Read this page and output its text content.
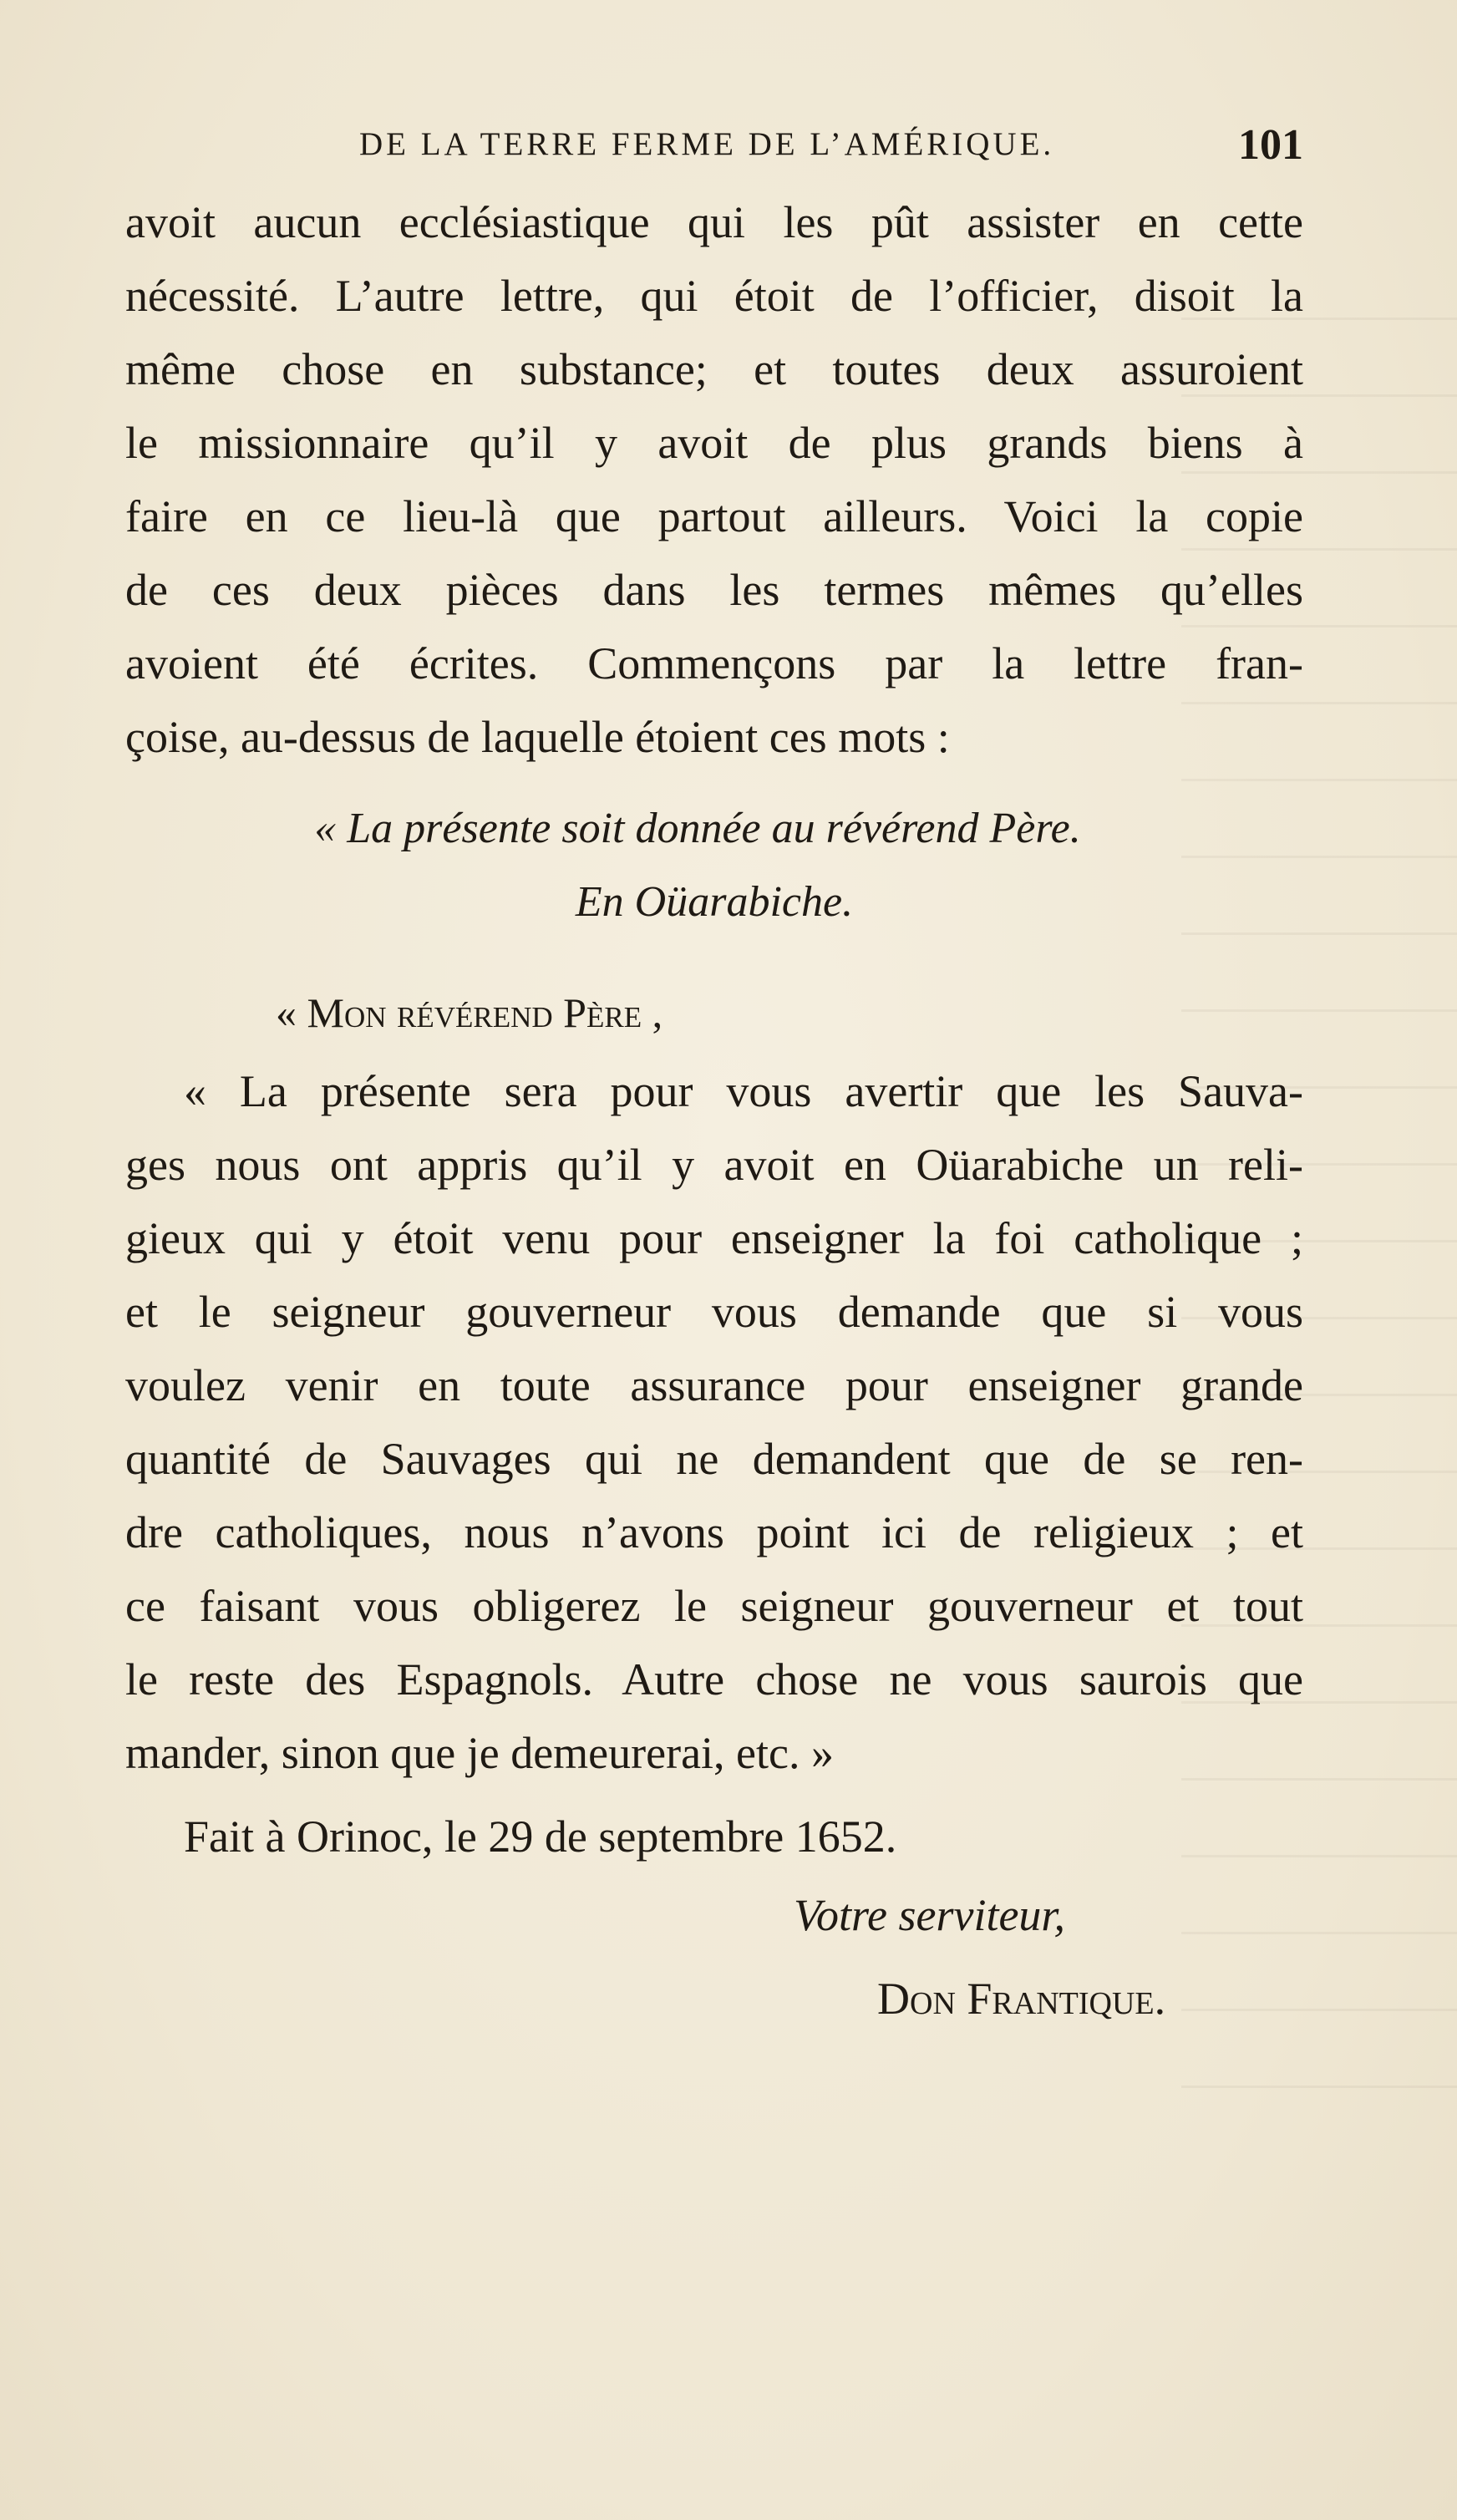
DE LA TERRE FERME DE L’AMÉRIQUE.	101
avoit aucun ecclésiastique qui les pût assister en cette
nécessité. L’autre lettre, qui étoit de l’officier, disoit la
même chose en substance; et toutes deux assuroient
le missionnaire qu’il y avoit de plus grands biens à
faire en ce lieu-là que partout ailleurs. Voici la copie
de ces deux pièces dans les termes mêmes qu’elles
avoient été écrites. Commençons par la lettre fran-
çoise, au-dessus de laquelle étoient ces mots :
« La présente soit donnée au révérend Père.
En Oüarabiche.
« Mon révérend Père ,
« La présente sera pour vous avertir que les Sauva-
ges nous ont appris qu’il y avoit en Oüarabiche un reli-
gieux qui y étoit venu pour enseigner la foi catholique ;
et le seigneur gouverneur vous demande que si vous
voulez venir en toute assurance pour enseigner grande
quantité de Sauvages qui ne demandent que de se ren-
dre catholiques, nous n’avons point ici de religieux ; et
ce faisant vous obligerez le seigneur gouverneur et tout
le reste des Espagnols. Autre chose ne vous saurois que
mander, sinon que je demeurerai, etc. »
Fait à Orinoc, le 29 de septembre 1652.
Votre serviteur,
Don Frantique.
